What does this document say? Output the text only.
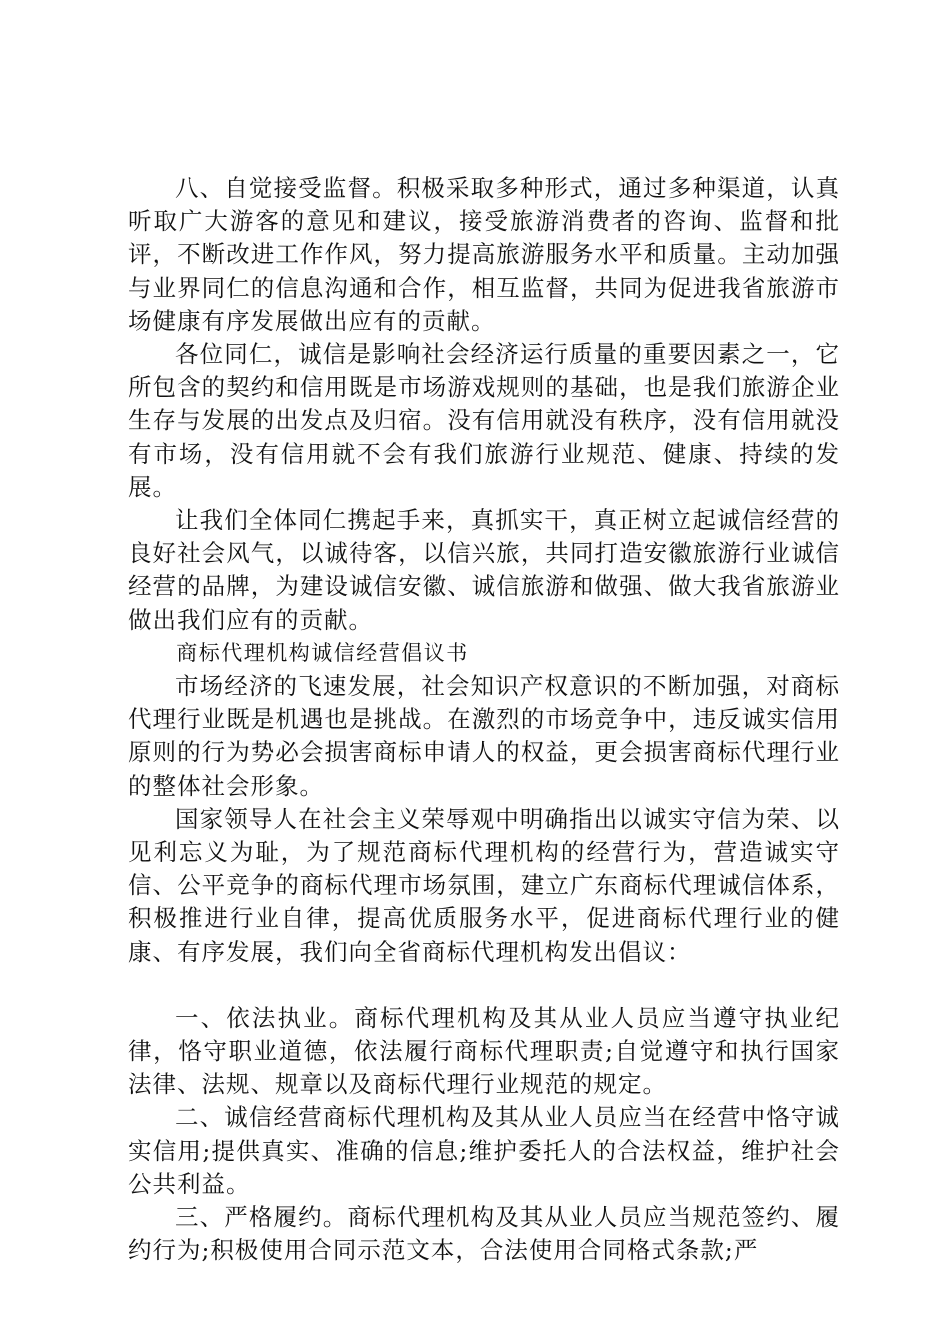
八、自觉接受监督。积极采取多种形式，通过多种渠道，认真听取广大游客的意见和建议，接受旅游消费者的咨询、监督和批评，不断改进工作作风，努力提高旅游服务水平和质量。主动加强与业界同仁的信息沟通和合作，相互监督，共同为促进我省旅游市场健康有序发展做出应有的贡献。

各位同仁，诚信是影响社会经济运行质量的重要因素之一，它所包含的契约和信用既是市场游戏规则的基础，也是我们旅游企业生存与发展的出发点及归宿。没有信用就没有秩序，没有信用就没有市场，没有信用就不会有我们旅游行业规范、健康、持续的发展。

让我们全体同仁携起手来，真抓实干，真正树立起诚信经营的良好社会风气，以诚待客，以信兴旅，共同打造安徽旅游行业诚信经营的品牌，为建设诚信安徽、诚信旅游和做强、做大我省旅游业做出我们应有的贡献。

商标代理机构诚信经营倡议书

市场经济的飞速发展，社会知识产权意识的不断加强，对商标代理行业既是机遇也是挑战。在激烈的市场竞争中，违反诚实信用原则的行为势必会损害商标申请人的权益，更会损害商标代理行业的整体社会形象。

国家领导人在社会主义荣辱观中明确指出以诚实守信为荣、以见利忘义为耻，为了规范商标代理机构的经营行为，营造诚实守信、公平竞争的商标代理市场氛围，建立广东商标代理诚信体系，积极推进行业自律，提高优质服务水平，促进商标代理行业的健康、有序发展，我们向全省商标代理机构发出倡议：

一、依法执业。商标代理机构及其从业人员应当遵守执业纪律，恪守职业道德，依法履行商标代理职责;自觉遵守和执行国家法律、法规、规章以及商标代理行业规范的规定。

二、诚信经营商标代理机构及其从业人员应当在经营中恪守诚实信用;提供真实、准确的信息;维护委托人的合法权益，维护社会公共利益。

三、严格履约。商标代理机构及其从业人员应当规范签约、履约行为;积极使用合同示范文本，合法使用合同格式条款;严
